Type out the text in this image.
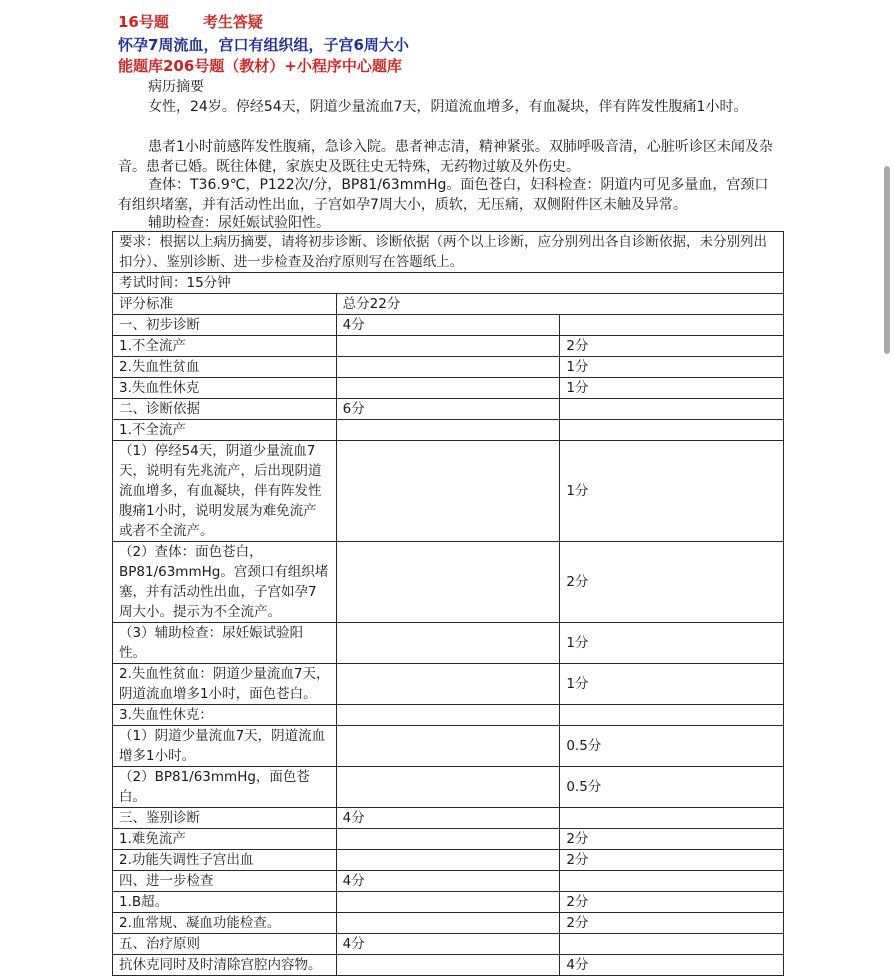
16号题 考生答疑
怀孕7周流血，宫口有组织组，子宫6周大小
能题库206号题（教材）+小程序中心题库
病历摘要
女性，24岁。停经54天，阴道少量流血7天，阴道流血增多，有血凝块，伴有阵发性腹痛1小时。
患者1小时前感阵发性腹痛，急诊入院。患者神志清，精神紧张。双肺呼吸音清，心脏听诊区未闻及杂音。患者已婚。既往体健，家族史及既往史无特殊，无药物过敏及外伤史。
查体：T36.9℃，P122次/分，BP81/63mmHg。面色苍白，妇科检查：阴道内可见多量血，宫颈口有组织堵塞，并有活动性出血，子宫如孕7周大小，质软，无压痛，双侧附件区未触及异常。
辅助检查：尿妊娠试验阳性。
要求：根据以上病历摘要，请将初步诊断、诊断依据（两个以上诊断，应分别列出各自诊断依据，未分别列出扣分）、鉴别诊断、进一步检查及治疗原则写在答题纸上。		
考试时间：15分钟		
评分标准	总分22分	
一、初步诊断	4分	
1.不全流产		2分
2.失血性贫血		1分
3.失血性休克		1分
二、诊断依据	6分	
1.不全流产		
（1）停经54天，阴道少量流血7天，说明有先兆流产，后出现阴道流血增多，有血凝块，伴有阵发性腹痛1小时，说明发展为难免流产或者不全流产。		1分
（2）查体：面色苍白，BP81/63mmHg。宫颈口有组织堵塞，并有活动性出血，子宫如孕7周大小。提示为不全流产。		2分
（3）辅助检查：尿妊娠试验阳性。		1分
2.失血性贫血：阴道少量流血7天，阴道流血增多1小时，面色苍白。		1分
3.失血性休克：		
（1）阴道少量流血7天，阴道流血增多1小时。		0.5分
（2）BP81/63mmHg，面色苍白。		0.5分
三、鉴别诊断	4分	
1.难免流产		2分
2.功能失调性子宫出血		2分
四、进一步检查	4分	
1.B超。		2分
2.血常规、凝血功能检查。		2分
五、治疗原则	4分	
抗休克同时及时清除宫腔内容物。		4分
